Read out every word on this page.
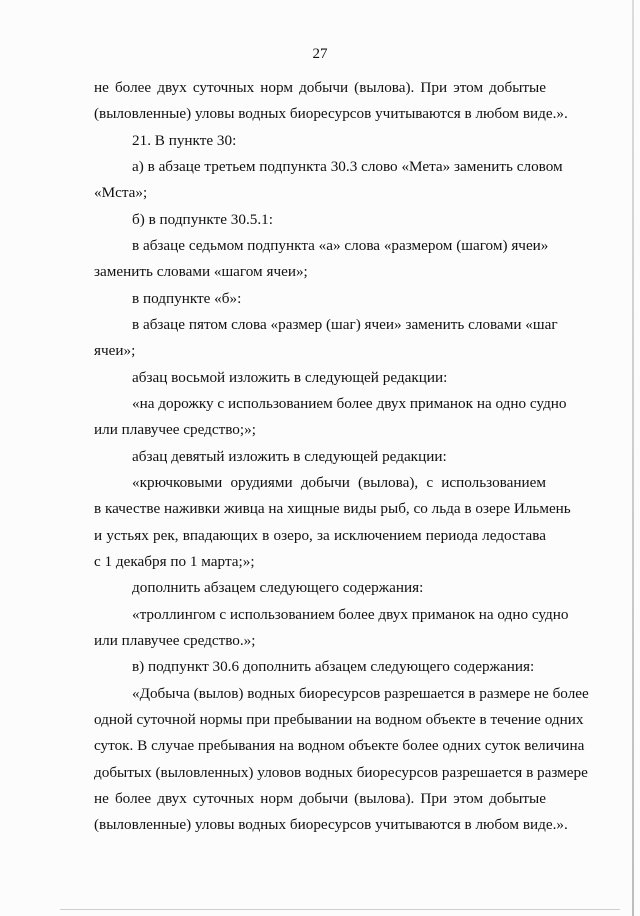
27
не более двух суточных норм добычи (вылова). При этом добытые
(выловленные) уловы водных биоресурсов учитываются в любом виде.».
21. В пункте 30:
а) в абзаце третьем подпункта 30.3 слово «Мета» заменить словом
«Мста»;
б) в подпункте 30.5.1:
в абзаце седьмом подпункта «а» слова «размером (шагом) ячеи»
заменить словами «шагом ячеи»;
в подпункте «б»:
в абзаце пятом слова «размер (шаг) ячеи» заменить словами «шаг
ячеи»;
абзац восьмой изложить в следующей редакции:
«на дорожку с использованием более двух приманок на одно судно
или плавучее средство;»;
абзац девятый изложить в следующей редакции:
«крючковыми орудиями добычи (вылова), с использованием
в качестве наживки живца на хищные виды рыб, со льда в озере Ильмень
и устьях рек, впадающих в озеро, за исключением периода ледостава
с 1 декабря по 1 марта;»;
дополнить абзацем следующего содержания:
«троллингом с использованием более двух приманок на одно судно
или плавучее средство.»;
в) подпункт 30.6 дополнить абзацем следующего содержания:
«Добыча (вылов) водных биоресурсов разрешается в размере не более
одной суточной нормы при пребывании на водном объекте в течение одних
суток. В случае пребывания на водном объекте более одних суток величина
добытых (выловленных) уловов водных биоресурсов разрешается в размере
не более двух суточных норм добычи (вылова). При этом добытые
(выловленные) уловы водных биоресурсов учитываются в любом виде.».
